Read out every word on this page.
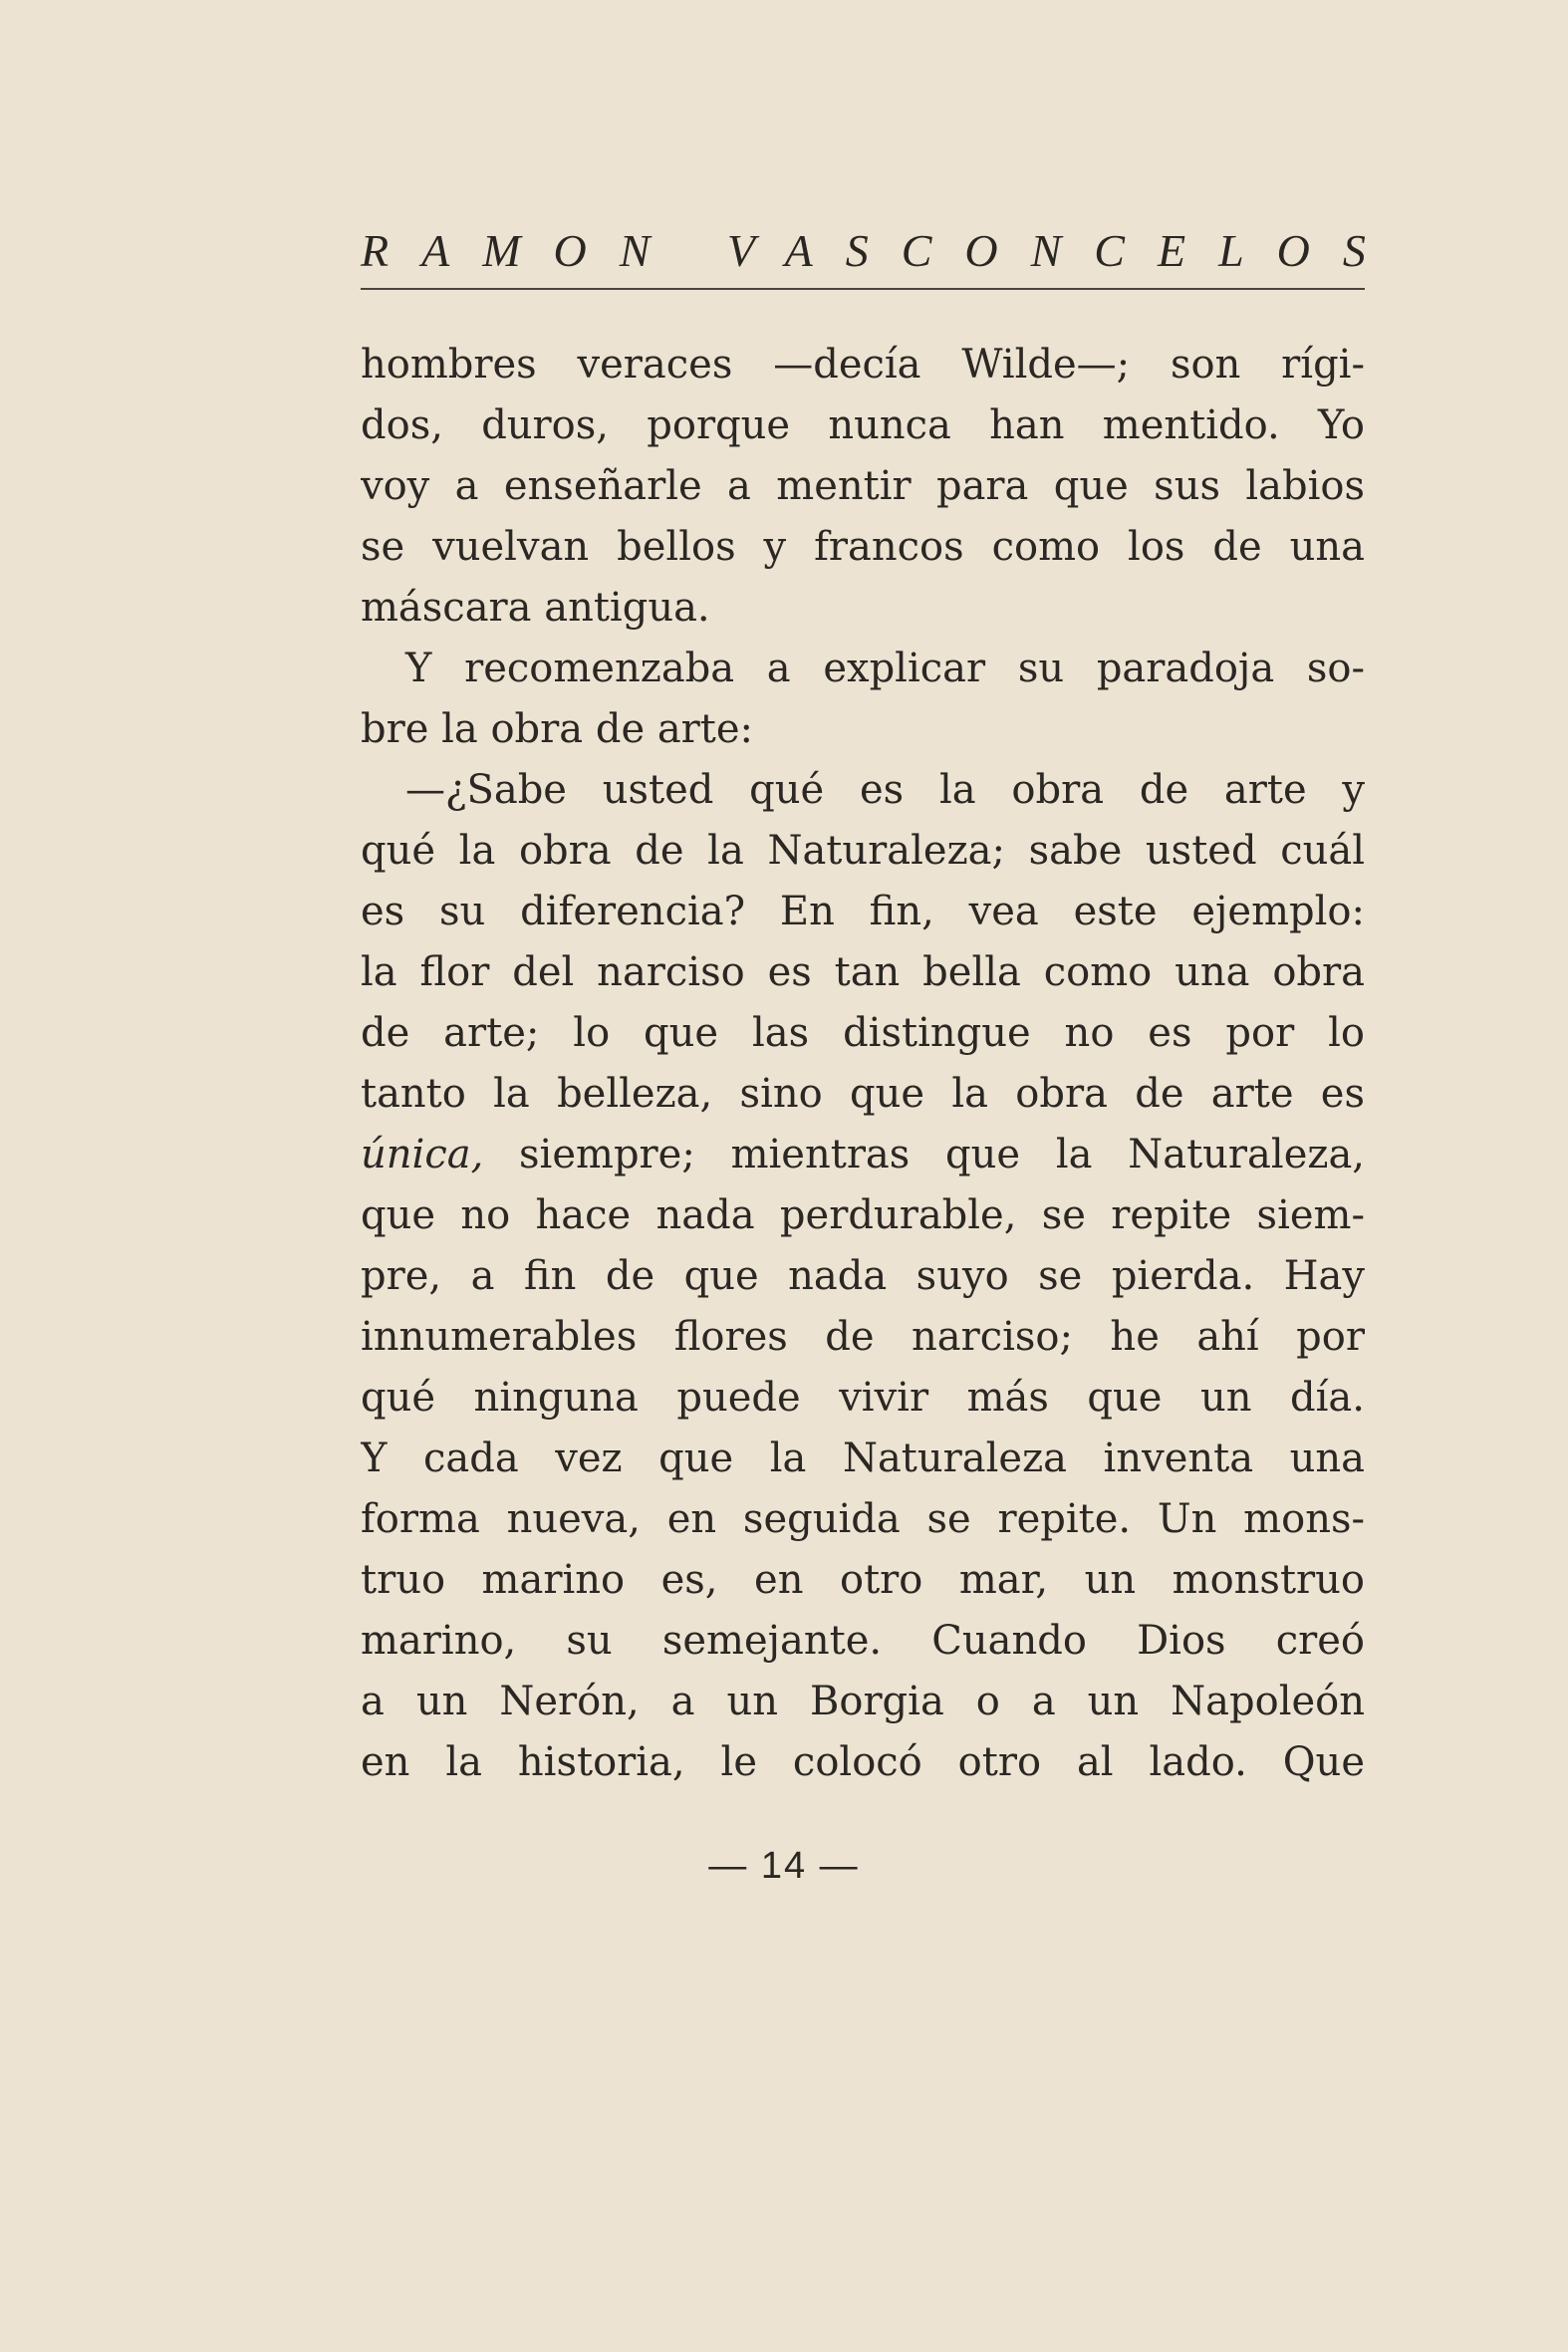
RAMON VASCONCELOS
hombres veraces —decía Wilde—; son rígi-
dos, duros, porque nunca han mentido. Yo
voy a enseñarle a mentir para que sus labios
se vuelvan bellos y francos como los de una
máscara antigua.
Y recomenzaba a explicar su paradoja so-
bre la obra de arte:
—¿Sabe usted qué es la obra de arte y
qué la obra de la Naturaleza; sabe usted cuál
es su diferencia? En fin, vea este ejemplo:
la flor del narciso es tan bella como una obra
de arte; lo que las distingue no es por lo
tanto la belleza, sino que la obra de arte es
única, siempre; mientras que la Naturaleza,
que no hace nada perdurable, se repite siem-
pre, a fin de que nada suyo se pierda. Hay
innumerables flores de narciso; he ahí por
qué ninguna puede vivir más que un día.
Y cada vez que la Naturaleza inventa una
forma nueva, en seguida se repite. Un mons-
truo marino es, en otro mar, un monstruo
marino, su semejante. Cuando Dios creó
a un Nerón, a un Borgia o a un Napoleón
en la historia, le colocó otro al lado. Que
— 14 —
